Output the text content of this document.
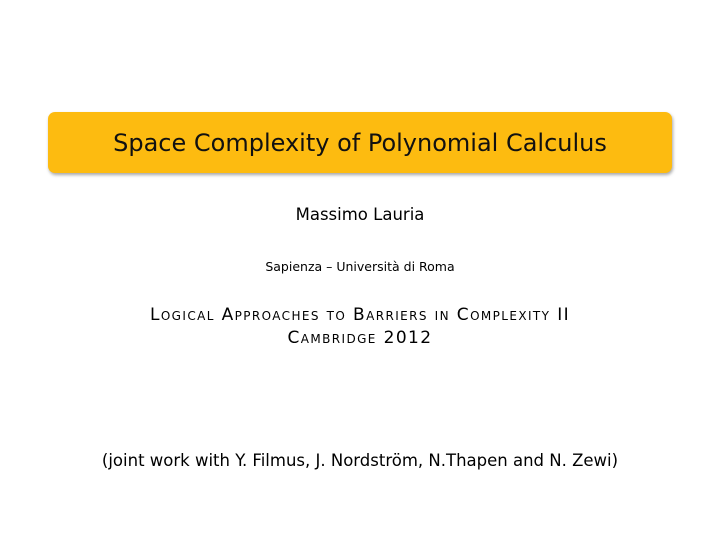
Space Complexity of Polynomial Calculus
Massimo Lauria
Sapienza – Università di Roma
Logical Approaches to Barriers in Complexity II
Cambridge 2012
(joint work with Y. Filmus, J. Nordström, N.Thapen and N. Zewi)
